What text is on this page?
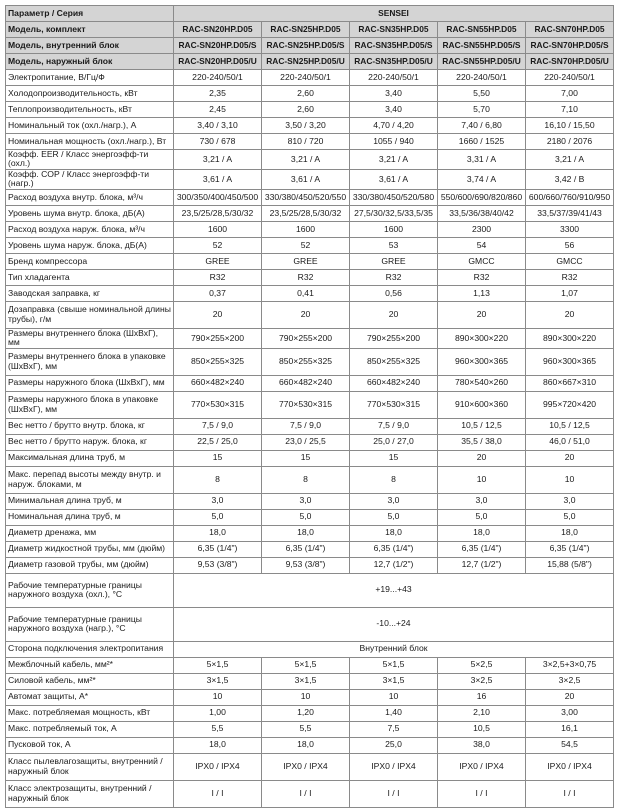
Параметр / Серия	SENSEI				
Модель, комплект	RAC-SN20HP.D05	RAC-SN25HP.D05	RAC-SN35HP.D05	RAC-SN55HP.D05	RAC-SN70HP.D05
Модель, внутренний блок	RAC-SN20HP.D05/S	RAC-SN25HP.D05/S	RAC-SN35HP.D05/S	RAC-SN55HP.D05/S	RAC-SN70HP.D05/S
Модель, наружный блок	RAC-SN20HP.D05/U	RAC-SN25HP.D05/U	RAC-SN35HP.D05/U	RAC-SN55HP.D05/U	RAC-SN70HP.D05/U
Электропитание, В/Гц/Ф	220-240/50/1	220-240/50/1	220-240/50/1	220-240/50/1	220-240/50/1
Холодопроизводительность, кВт	2,35	2,60	3,40	5,50	7,00
Теплопроизводительность, кВт	2,45	2,60	3,40	5,70	7,10
Номинальный ток (охл./нагр.), А	3,40 / 3,10	3,50 / 3,20	4,70 / 4,20	7,40 / 6,80	16,10 / 15,50
Номинальная мощность (охл./нагр.), Вт	730 / 678	810 / 720	1055 / 940	1660 / 1525	2180 / 2076
Коэфф. EER / Класс энергоэфф-ти (охл.)	3,21 / A	3,21 / A	3,21 / A	3,31 / A	3,21 / A
Коэфф. COP / Класс энергоэфф-ти (нагр.)	3,61 / A	3,61 / A	3,61 / A	3,74 / A	3,42 / B
Расход воздуха внутр. блока, м³/ч	300/350/400/450/500	330/380/450/520/550	330/380/450/520/580	550/600/690/820/860	600/660/760/910/950
Уровень шума внутр. блока, дБ(А)	23,5/25/28,5/30/32	23,5/25/28,5/30/32	27,5/30/32,5/33,5/35	33,5/36/38/40/42	33,5/37/39/41/43
Расход воздуха наруж. блока, м³/ч	1600	1600	1600	2300	3300
Уровень шума наруж. блока, дБ(А)	52	52	53	54	56
Бренд компрессора	GREE	GREE	GREE	GMCC	GMCC
Тип хладагента	R32	R32	R32	R32	R32
Заводская заправка, кг	0,37	0,41	0,56	1,13	1,07
Дозаправка (свыше номинальной длины трубы), г/м	20	20	20	20	20
Размеры внутреннего блока (ШхВхГ), мм	790×255×200	790×255×200	790×255×200	890×300×220	890×300×220
Размеры внутреннего блока в упаковке (ШхВхГ), мм	850×255×325	850×255×325	850×255×325	960×300×365	960×300×365
Размеры наружного блока (ШхВхГ), мм	660×482×240	660×482×240	660×482×240	780×540×260	860×667×310
Размеры наружного блока в упаковке (ШхВхГ), мм	770×530×315	770×530×315	770×530×315	910×600×360	995×720×420
Вес нетто / брутто внутр. блока, кг	7,5 / 9,0	7,5 / 9,0	7,5 / 9,0	10,5 / 12,5	10,5 / 12,5
Вес нетто / брутто наруж. блока, кг	22,5 / 25,0	23,0 / 25,5	25,0 / 27,0	35,5 / 38,0	46,0 / 51,0
Максимальная длина труб, м	15	15	15	20	20
Макс. перепад высоты между внутр. и наруж. блоками, м	8	8	8	10	10
Минимальная длина труб, м	3,0	3,0	3,0	3,0	3,0
Номинальная длина труб, м	5,0	5,0	5,0	5,0	5,0
Диаметр дренажа, мм	18,0	18,0	18,0	18,0	18,0
Диаметр жидкостной трубы, мм (дюйм)	6,35 (1/4")	6,35 (1/4")	6,35 (1/4")	6,35 (1/4")	6,35 (1/4")
Диаметр газовой трубы, мм (дюйм)	9,53 (3/8")	9,53 (3/8")	12,7 (1/2")	12,7 (1/2")	15,88 (5/8")
Рабочие температурные границы наружного воздуха (охл.), °С	+19...+43				
Рабочие температурные границы наружного воздуха (нагр.), °С	-10...+24				
Сторона подключения электропитания	Внутренний блок				
Межблочный кабель, мм²*	5×1,5	5×1,5	5×1,5	5×2,5	3×2,5+3×0,75
Силовой кабель, мм²*	3×1,5	3×1,5	3×1,5	3×2,5	3×2,5
Автомат защиты, А*	10	10	10	16	20
Макс. потребляемая мощность, кВт	1,00	1,20	1,40	2,10	3,00
Макс. потребляемый ток, А	5,5	5,5	7,5	10,5	16,1
Пусковой ток, А	18,0	18,0	25,0	38,0	54,5
Класс пылевлагозащиты, внутренний / наружный блок	IPX0 / IPX4	IPX0 / IPX4	IPX0 / IPX4	IPX0 / IPX4	IPX0 / IPX4
Класс электрозащиты, внутренний / наружный блок	I / I	I / I	I / I	I / I	I / I
